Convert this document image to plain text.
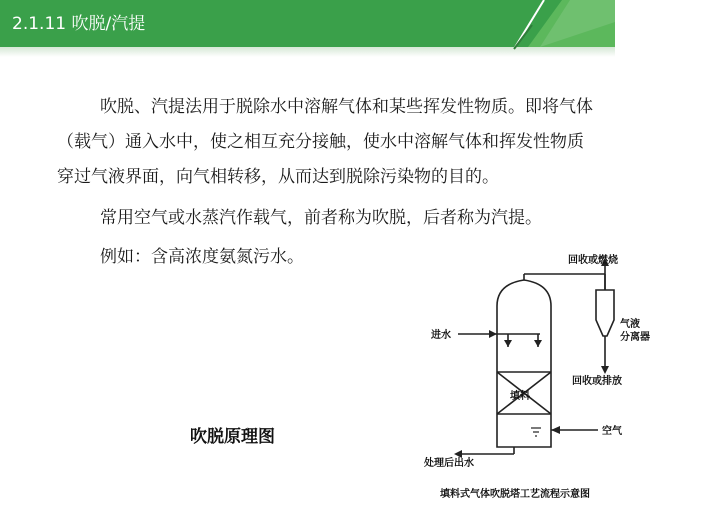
2.1.11 吹脱/汽提

吹脱、汽提法用于脱除水中溶解气体和某些挥发性物质。即将气体

（载气）通入水中，使之相互充分接触，使水中溶解气体和挥发性物质

穿过气液界面，向气相转移，从而达到脱除污染物的目的。

常用空气或水蒸汽作载气，前者称为吹脱，后者称为汽提。

例如：含高浓度氨氮污水。

吹脱原理图
回收或燃烧
气液
分离器
进水
填料
回收或排放
空气
处理后出水
填料式气体吹脱塔工艺流程示意图
